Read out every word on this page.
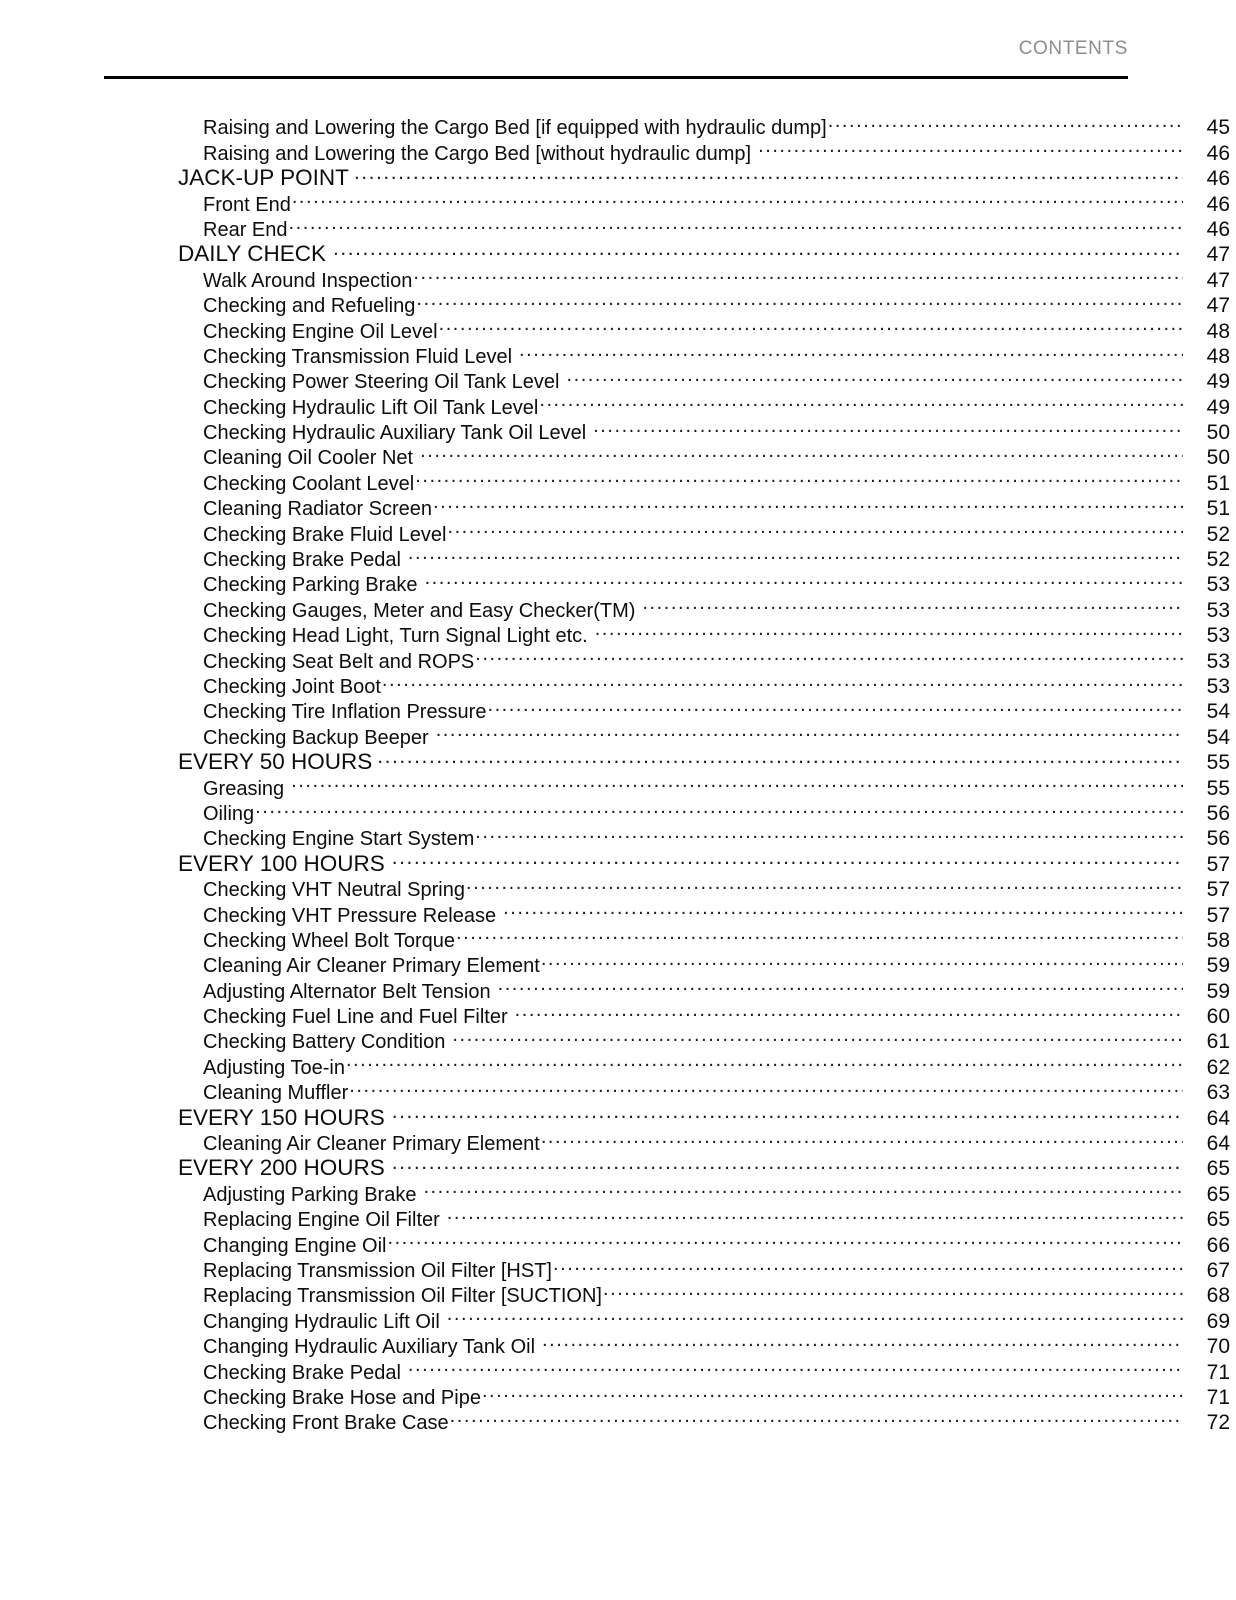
CONTENTS
Raising and Lowering the Cargo Bed [if equipped with hydraulic dump] .....	45
Raising and Lowering the Cargo Bed [without hydraulic dump] .....	46
JACK-UP POINT .....	46
Front End .....	46
Rear End .....	46
DAILY CHECK .....	47
Walk Around Inspection .....	47
Checking and Refueling .....	47
Checking Engine Oil Level .....	48
Checking Transmission Fluid Level .....	48
Checking Power Steering Oil Tank Level .....	49
Checking Hydraulic Lift Oil Tank Level .....	49
Checking Hydraulic Auxiliary Tank Oil Level .....	50
Cleaning Oil Cooler Net .....	50
Checking Coolant Level .....	51
Cleaning Radiator Screen .....	51
Checking Brake Fluid Level .....	52
Checking Brake Pedal .....	52
Checking Parking Brake .....	53
Checking Gauges, Meter and Easy Checker(TM) .....	53
Checking Head Light, Turn Signal Light etc. .....	53
Checking Seat Belt and ROPS .....	53
Checking Joint Boot .....	53
Checking Tire Inflation Pressure .....	54
Checking Backup Beeper .....	54
EVERY 50 HOURS .....	55
Greasing .....	55
Oiling .....	56
Checking Engine Start System .....	56
EVERY 100 HOURS .....	57
Checking VHT Neutral Spring .....	57
Checking VHT Pressure Release .....	57
Checking Wheel Bolt Torque .....	58
Cleaning Air Cleaner Primary Element .....	59
Adjusting Alternator Belt Tension .....	59
Checking Fuel Line and Fuel Filter .....	60
Checking Battery Condition .....	61
Adjusting Toe-in .....	62
Cleaning Muffler .....	63
EVERY 150 HOURS .....	64
Cleaning Air Cleaner Primary Element .....	64
EVERY 200 HOURS .....	65
Adjusting Parking Brake .....	65
Replacing Engine Oil Filter .....	65
Changing Engine Oil .....	66
Replacing Transmission Oil Filter [HST] .....	67
Replacing Transmission Oil Filter [SUCTION] .....	68
Changing Hydraulic Lift Oil .....	69
Changing Hydraulic Auxiliary Tank Oil .....	70
Checking Brake Pedal .....	71
Checking Brake Hose and Pipe .....	71
Checking Front Brake Case .....	72
